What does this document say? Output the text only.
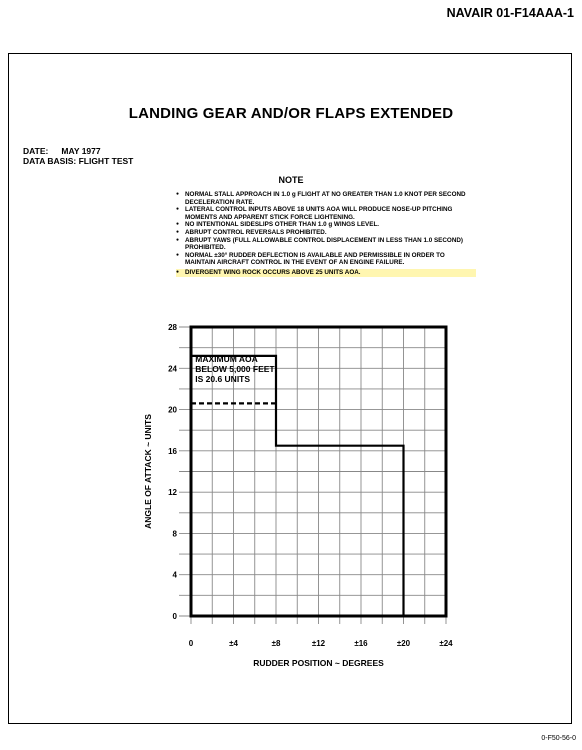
NAVAIR 01-F14AAA-1
LANDING GEAR AND/OR FLAPS EXTENDED
DATE: MAY 1977
DATA BASIS: FLIGHT TEST
NOTE
● NORMAL STALL APPROACH IN 1.0 g FLIGHT AT NO GREATER THAN 1.0 KNOT PER SECOND DECELERATION RATE.
● LATERAL CONTROL INPUTS ABOVE 18 UNITS AOA WILL PRODUCE NOSE-UP PITCHING MOMENTS AND APPARENT STICK FORCE LIGHTENING.
● NO INTENTIONAL SIDESLIPS OTHER THAN 1.0 g WINGS LEVEL.
● ABRUPT CONTROL REVERSALS PROHIBITED.
● ABRUPT YAWS (FULL ALLOWABLE CONTROL DISPLACEMENT IN LESS THAN 1.0 SECOND) PROHIBITED.
● NORMAL ±30° RUDDER DEFLECTION IS AVAILABLE AND PERMISSIBLE IN ORDER TO MAINTAIN AIRCRAFT CONTROL IN THE EVENT OF AN ENGINE FAILURE.
● DIVERGENT WING ROCK OCCURS ABOVE 25 UNITS AOA.
0
4
8
12
16
20
24
28
0	±4	±8	±12	±16	±20	±24
MAXIMUM AOA BELOW 5,000 FEET IS 20.6 UNITS
ANGLE OF ATTACK ~ UNITS
RUDDER POSITION ~ DEGREES
0-F50-56-0
